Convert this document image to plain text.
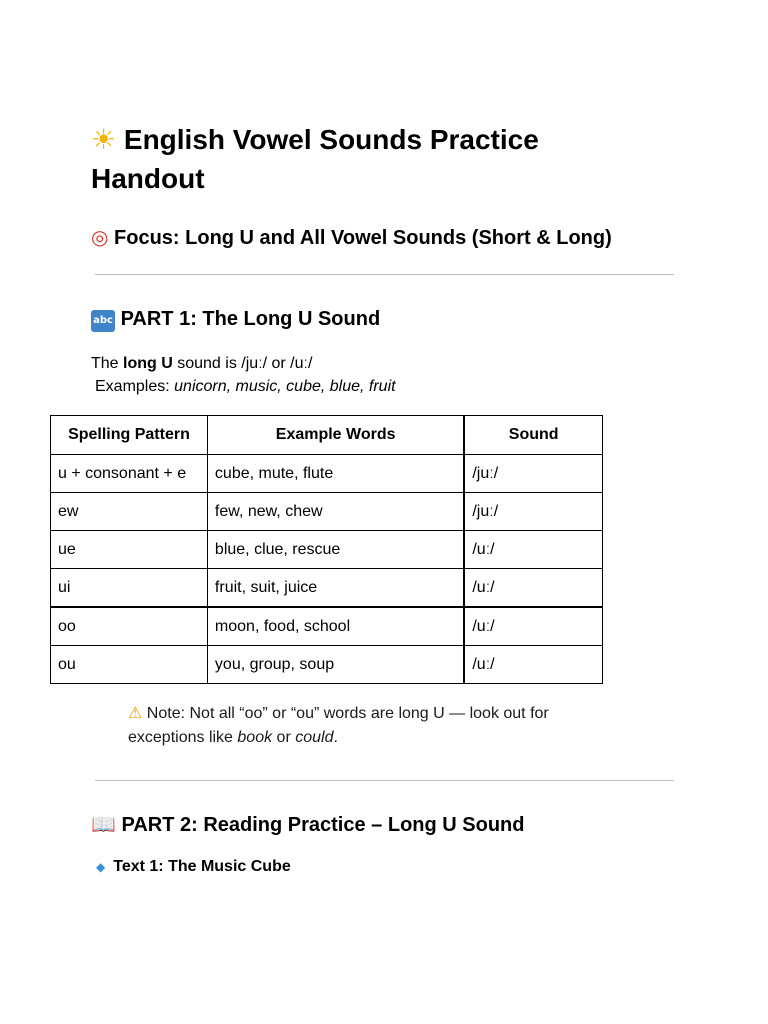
☀ English Vowel Sounds Practice Handout
◎ Focus: Long U and All Vowel Sounds (Short & Long)
abc PART 1: The Long U Sound
The long U sound is /juː/ or /uː/
Examples: unicorn, music, cube, blue, fruit
Spelling Pattern	Example Words	Sound
u + consonant + e	cube, mute, flute	/juː/
ew	few, new, chew	/juː/
ue	blue, clue, rescue	/uː/
ui	fruit, suit, juice	/uː/
oo	moon, food, school	/uː/
ou	you, group, soup	/uː/
⚠ Note: Not all “oo” or “ou” words are long U — look out for exceptions like book or could.
📖 PART 2: Reading Practice – Long U Sound
◆ Text 1: The Music Cube
